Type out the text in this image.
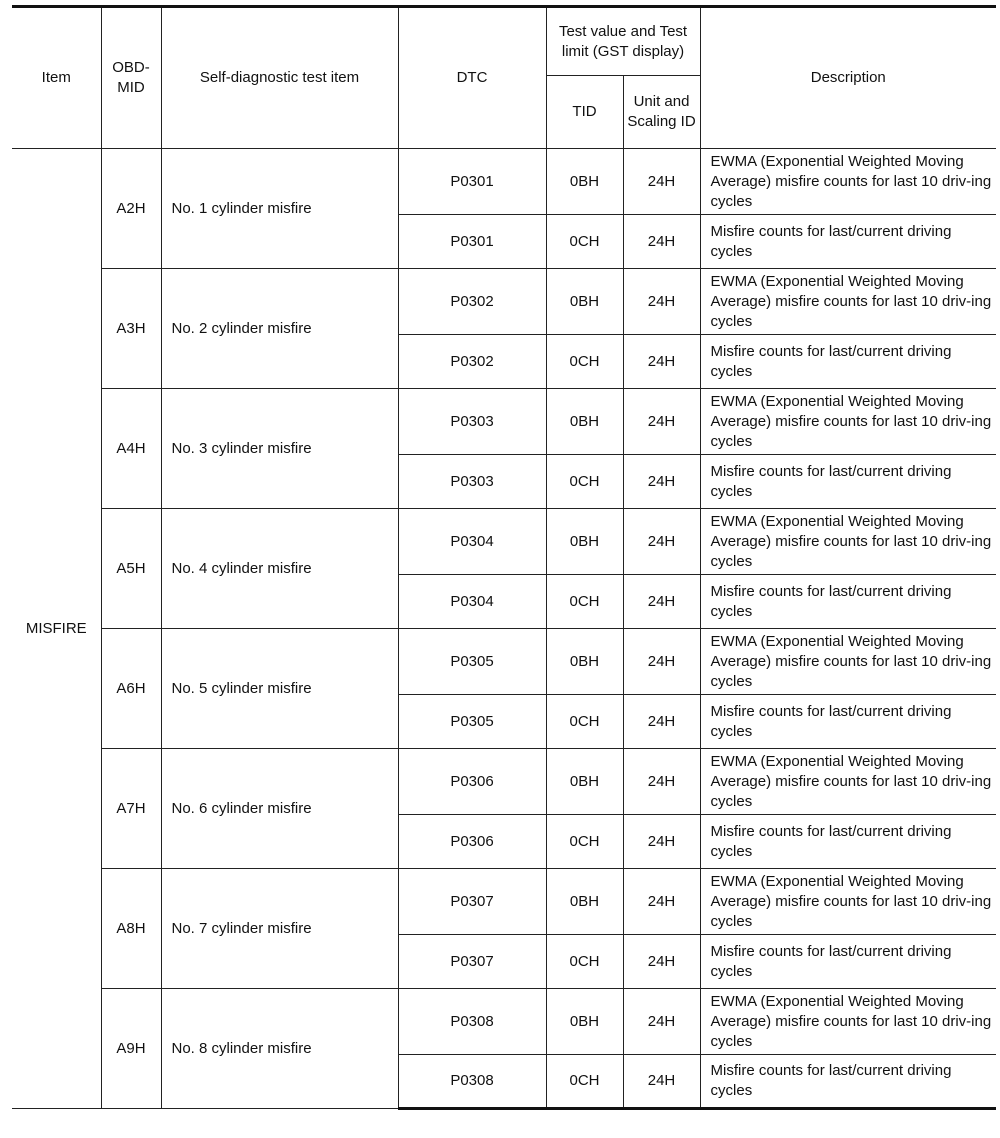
Item	OBD-MID	Self-diagnostic test item	DTC	Test value and Test limit (GST display)		Description
				TID	Unit and Scaling ID	
MISFIRE	A2H	No. 1 cylinder misfire	P0301	0BH	24H	EWMA (Exponential Weighted Moving Average) misfire counts for last 10 driv-ing cycles
			P0301	0CH	24H	Misfire counts for last/current driving cycles
	A3H	No. 2 cylinder misfire	P0302	0BH	24H	EWMA (Exponential Weighted Moving Average) misfire counts for last 10 driv-ing cycles
			P0302	0CH	24H	Misfire counts for last/current driving cycles
	A4H	No. 3 cylinder misfire	P0303	0BH	24H	EWMA (Exponential Weighted Moving Average) misfire counts for last 10 driv-ing cycles
			P0303	0CH	24H	Misfire counts for last/current driving cycles
	A5H	No. 4 cylinder misfire	P0304	0BH	24H	EWMA (Exponential Weighted Moving Average) misfire counts for last 10 driv-ing cycles
			P0304	0CH	24H	Misfire counts for last/current driving cycles
	A6H	No. 5 cylinder misfire	P0305	0BH	24H	EWMA (Exponential Weighted Moving Average) misfire counts for last 10 driv-ing cycles
			P0305	0CH	24H	Misfire counts for last/current driving cycles
	A7H	No. 6 cylinder misfire	P0306	0BH	24H	EWMA (Exponential Weighted Moving Average) misfire counts for last 10 driv-ing cycles
			P0306	0CH	24H	Misfire counts for last/current driving cycles
	A8H	No. 7 cylinder misfire	P0307	0BH	24H	EWMA (Exponential Weighted Moving Average) misfire counts for last 10 driv-ing cycles
			P0307	0CH	24H	Misfire counts for last/current driving cycles
	A9H	No. 8 cylinder misfire	P0308	0BH	24H	EWMA (Exponential Weighted Moving Average) misfire counts for last 10 driv-ing cycles
			P0308	0CH	24H	Misfire counts for last/current driving cycles
